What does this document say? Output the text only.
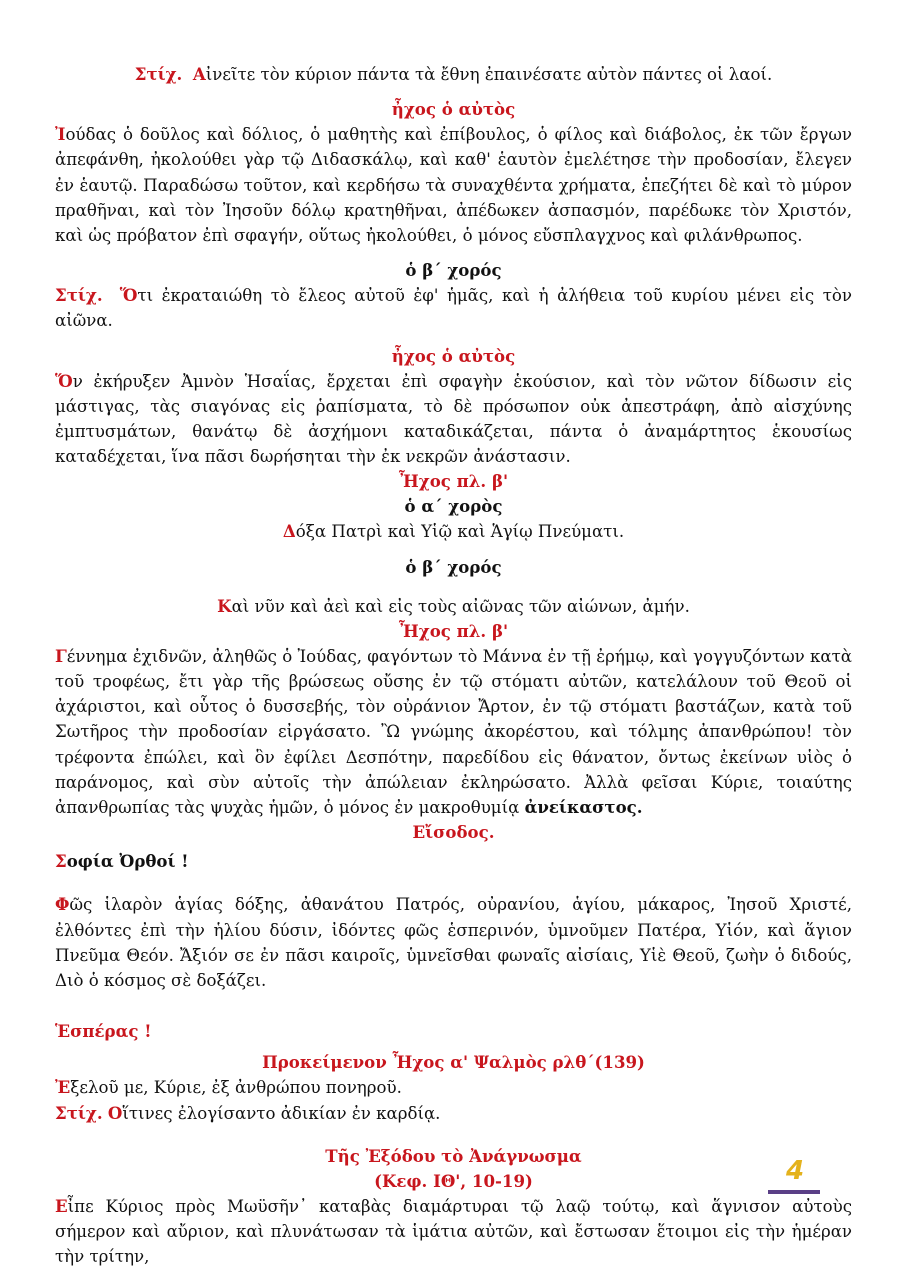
Στίχ. Αἰνεῖτε τὸν κύριον πάντα τὰ ἔθνη ἐπαινέσατε αὐτὸν πάντες οἱ λαοί.

ἦχος ὁ αὐτὸς

Ἰούδας ὁ δοῦλος καὶ δόλιος, ὁ μαθητὴς καὶ ἐπίβουλος, ὁ φίλος καὶ διάβολος, ἐκ τῶν ἔργων ἀπεφάνθη, ἠκολούθει γὰρ τῷ Διδασκάλῳ, καὶ καθ' ἑαυτὸν ἐμελέτησε τὴν προδοσίαν, ἔλεγεν ἐν ἑαυτῷ. Παραδώσω τοῦτον, καὶ κερδήσω τὰ συναχθέντα χρήματα, ἐπεζήτει δὲ καὶ τὸ μύρον πραθῆναι, καὶ τὸν Ἰησοῦν δόλῳ κρατηθῆναι, ἀπέδωκεν ἀσπασμόν, παρέδωκε τὸν Χριστόν, καὶ ὡς πρόβατον ἐπὶ σφαγήν, οὕτως ἠκολούθει, ὁ μόνος εὔσπλαγχνος καὶ φιλάνθρωπος.

ὁ β΄ χορός

Στίχ. Ὅτι ἐκραταιώθη τὸ ἔλεος αὐτοῦ ἐφ' ἡμᾶς, καὶ ἡ ἀλήθεια τοῦ κυρίου μένει εἰς τὸν αἰῶνα.

ἦχος ὁ αὐτὸς

Ὅν ἐκήρυξεν Ἀμνὸν Ἡσαΐας, ἔρχεται ἐπὶ σφαγὴν ἑκούσιον, καὶ τὸν νῶτον δίδωσιν εἰς μάστιγας, τὰς σιαγόνας εἰς ῥαπίσματα, τὸ δὲ πρόσωπον οὐκ ἀπεστράφη, ἀπὸ αἰσχύνης ἐμπτυσμάτων, θανάτῳ δὲ ἀσχήμονι καταδικάζεται, πάντα ὁ ἀναμάρτητος ἑκουσίως καταδέχεται, ἵνα πᾶσι δωρήσηται τὴν ἐκ νεκρῶν ἀνάστασιν.

Ἦχος πλ. β'

ὁ α΄ χορὸς

Δόξα Πατρὶ καὶ Υἱῷ καὶ Ἁγίῳ Πνεύματι.

ὁ β΄ χορός

Καὶ νῦν καὶ ἀεὶ καὶ εἰς τοὺς αἰῶνας τῶν αἰώνων, ἀμήν.

Ἦχος πλ. β'

Γέννημα ἐχιδνῶν, ἀληθῶς ὁ Ἰούδας, φαγόντων τὸ Μάννα ἐν τῇ ἐρήμῳ, καὶ γογγυζόντων κατὰ τοῦ τροφέως, ἔτι γὰρ τῆς βρώσεως οὔσης ἐν τῷ στόματι αὐτῶν, κατελάλουν τοῦ Θεοῦ οἱ ἀχάριστοι, καὶ οὗτος ὁ δυσσεβής, τὸν οὐράνιον Ἄρτον, ἐν τῷ στόματι βαστάζων, κατὰ τοῦ Σωτῆρος τὴν προδοσίαν εἰργάσατο. Ὢ γνώμης ἀκορέστου, καὶ τόλμης ἀπανθρώπου! τὸν τρέφοντα ἐπώλει, καὶ ὃν ἐφίλει Δεσπότην, παρεδίδου εἰς θάνατον, ὄντως ἐκείνων υἱὸς ὁ παράνομος, καὶ σὺν αὐτοῖς τὴν ἀπώλειαν ἐκληρώσατο. Ἀλλὰ φεῖσαι Κύριε, τοιαύτης ἀπανθρωπίας τὰς ψυχὰς ἡμῶν, ὁ μόνος ἐν μακροθυμίᾳ ἀνείκαστος.

Εἴσοδος.

Σοφία Ὀρθοί !

Φῶς ἱλαρὸν ἁγίας δόξης, ἀθανάτου Πατρός, οὐρανίου, ἁγίου, μάκαρος, Ἰησοῦ Χριστέ, ἐλθόντες ἐπὶ τὴν ἡλίου δύσιν, ἰδόντες φῶς ἑσπερινόν, ὑμνοῦμεν Πατέρα, Υἱόν, καὶ ἅγιον Πνεῦμα Θεόν. Ἄξιόν σε ἐν πᾶσι καιροῖς, ὑμνεῖσθαι φωναῖς αἰσίαις, Υἱὲ Θεοῦ, ζωὴν ὁ διδούς, Διὸ ὁ κόσμος σὲ δοξάζει.

Ἑσπέρας !

Προκείμενον Ἦχος α' Ψαλμὸς ρλθ΄(139)

Ἐξελοῦ με, Κύριε, ἐξ ἀνθρώπου πονηροῦ.

Στίχ. Οἵτινες ἐλογίσαντο ἀδικίαν ἐν καρδίᾳ.

Τῆς Ἐξόδου τὸ Ἀνάγνωσμα

(Κεφ. ΙΘ', 10-19)

Εἶπε Κύριος πρὸς Μωϋσῆν᾽ καταβὰς διαμάρτυραι τῷ λαῷ τούτῳ, καὶ ἅγνισον αὐτοὺς σήμερον καὶ αὔριον, καὶ πλυνάτωσαν τὰ ἱμάτια αὐτῶν, καὶ ἔστωσαν ἕτοιμοι εἰς τὴν ἡμέραν τὴν τρίτην,

4
